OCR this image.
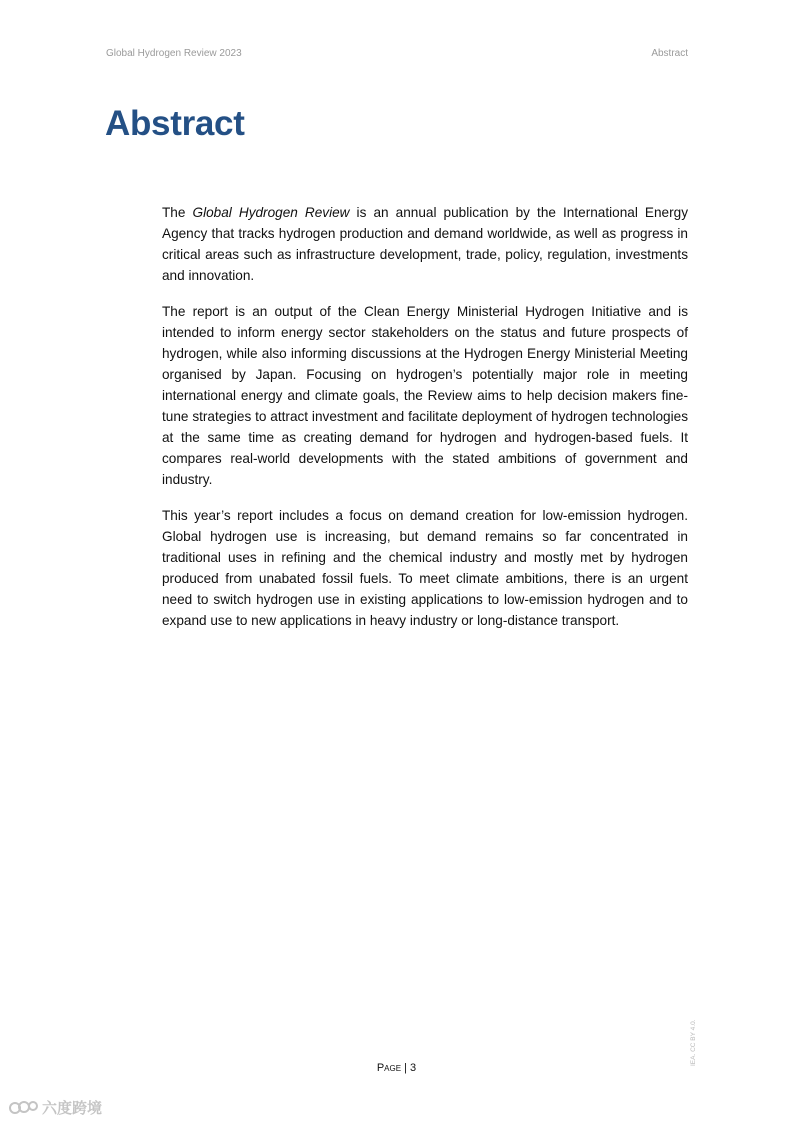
Global Hydrogen Review 2023	Abstract
Abstract

The Global Hydrogen Review is an annual publication by the International Energy Agency that tracks hydrogen production and demand worldwide, as well as progress in critical areas such as infrastructure development, trade, policy, regulation, investments and innovation.

The report is an output of the Clean Energy Ministerial Hydrogen Initiative and is intended to inform energy sector stakeholders on the status and future prospects of hydrogen, while also informing discussions at the Hydrogen Energy Ministerial Meeting organised by Japan. Focusing on hydrogen’s potentially major role in meeting international energy and climate goals, the Review aims to help decision makers fine-tune strategies to attract investment and facilitate deployment of hydrogen technologies at the same time as creating demand for hydrogen and hydrogen-based fuels. It compares real-world developments with the stated ambitions of government and industry.

This year’s report includes a focus on demand creation for low-emission hydrogen. Global hydrogen use is increasing, but demand remains so far concentrated in traditional uses in refining and the chemical industry and mostly met by hydrogen produced from unabated fossil fuels. To meet climate ambitions, there is an urgent need to switch hydrogen use in existing applications to low-emission hydrogen and to expand use to new applications in heavy industry or long-distance transport.

Page | 3
IEA. CC BY 4.0.
六度跨境
